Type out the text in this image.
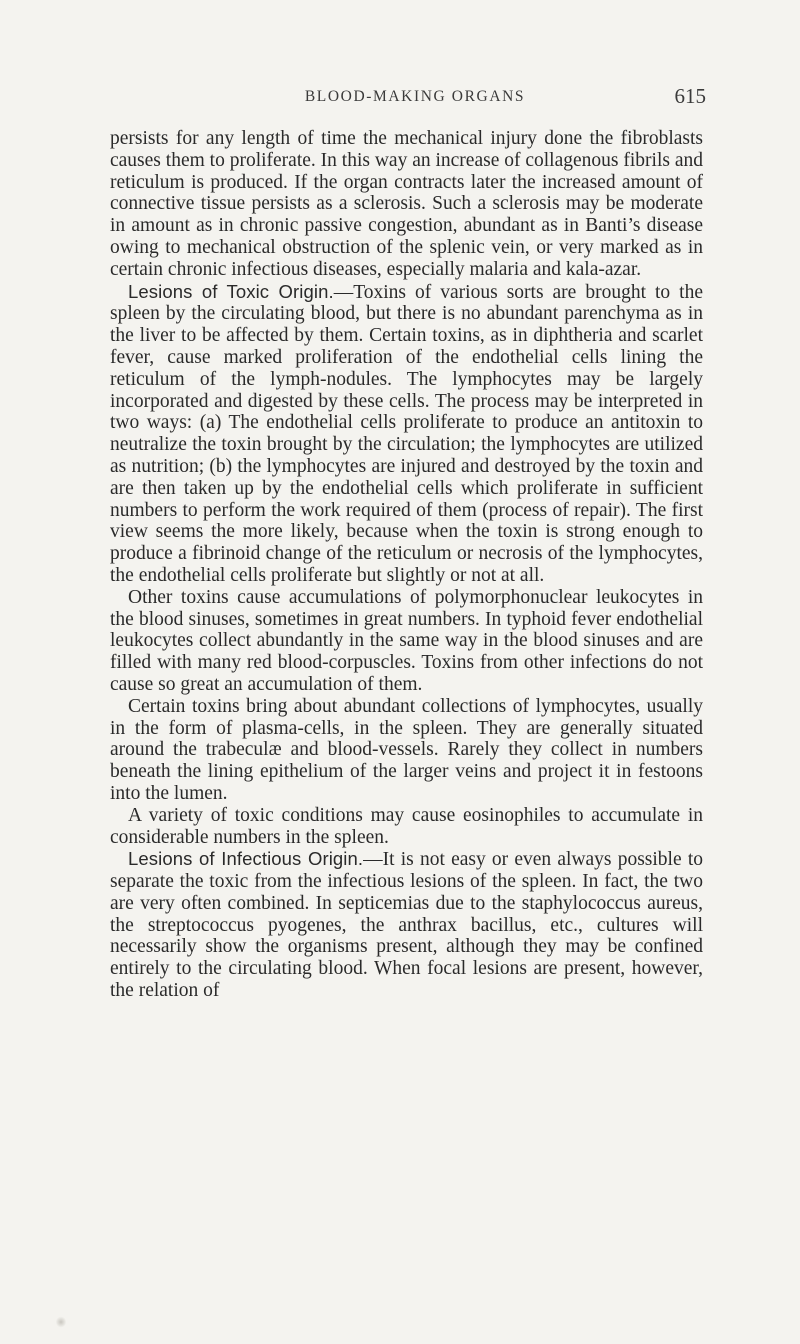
BLOOD-MAKING ORGANS	615

persists for any length of time the mechanical injury done the fibroblasts causes them to proliferate. In this way an increase of collagenous fibrils and reticulum is produced. If the organ contracts later the increased amount of connective tissue persists as a sclerosis. Such a sclerosis may be moderate in amount as in chronic passive congestion, abundant as in Banti’s disease owing to mechanical obstruction of the splenic vein, or very marked as in certain chronic infectious diseases, especially malaria and kala-azar.

Lesions of Toxic Origin.—Toxins of various sorts are brought to the spleen by the circulating blood, but there is no abundant parenchyma as in the liver to be affected by them. Certain toxins, as in diphtheria and scarlet fever, cause marked proliferation of the endothelial cells lining the reticulum of the lymph-nodules. The lymphocytes may be largely incorporated and digested by these cells. The process may be interpreted in two ways: (a) The endothelial cells proliferate to produce an antitoxin to neutralize the toxin brought by the circulation; the lymphocytes are utilized as nutrition; (b) the lymphocytes are injured and destroyed by the toxin and are then taken up by the endothelial cells which proliferate in sufficient numbers to perform the work required of them (process of repair). The first view seems the more likely, because when the toxin is strong enough to produce a fibrinoid change of the reticulum or necrosis of the lymphocytes, the endothelial cells proliferate but slightly or not at all.

Other toxins cause accumulations of polymorphonuclear leukocytes in the blood sinuses, sometimes in great numbers. In typhoid fever endothelial leukocytes collect abundantly in the same way in the blood sinuses and are filled with many red blood-corpuscles. Toxins from other infections do not cause so great an accumulation of them.

Certain toxins bring about abundant collections of lymphocytes, usually in the form of plasma-cells, in the spleen. They are generally situated around the trabeculæ and blood-vessels. Rarely they collect in numbers beneath the lining epithelium of the larger veins and project it in festoons into the lumen.

A variety of toxic conditions may cause eosinophiles to accumulate in considerable numbers in the spleen.

Lesions of Infectious Origin.—It is not easy or even always possible to separate the toxic from the infectious lesions of the spleen. In fact, the two are very often combined. In septicemias due to the staphylococcus aureus, the streptococcus pyogenes, the anthrax bacillus, etc., cultures will necessarily show the organisms present, although they may be confined entirely to the circulating blood. When focal lesions are present, however, the relation of
